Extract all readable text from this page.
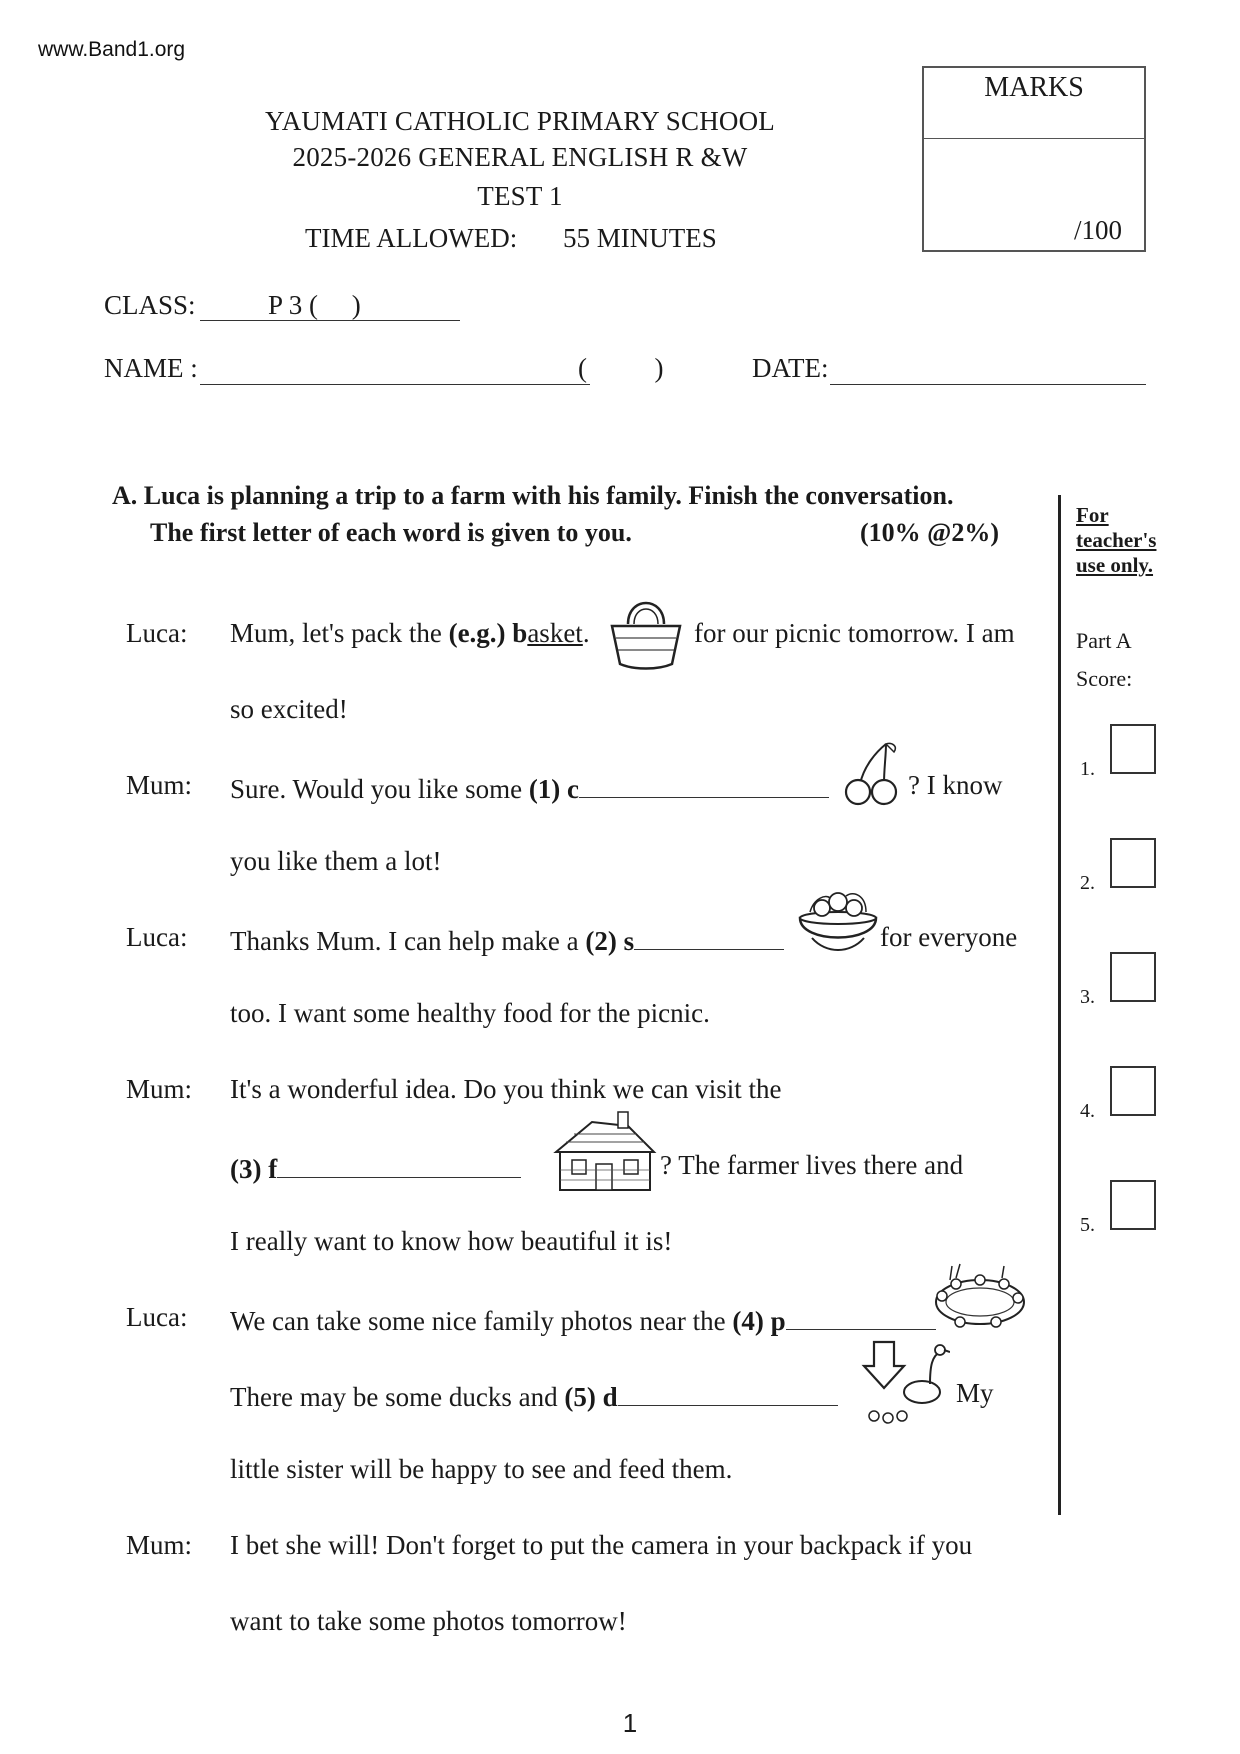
www.Band1.org
YAUMATI CATHOLIC PRIMARY SCHOOL
2025-2026 GENERAL ENGLISH R &W
TEST 1
TIME ALLOWED: 55 MINUTES
MARKS
/100
CLASS:	P 3 (     )
NAME :	(          )	DATE:
A. Luca is planning a trip to a farm with his family. Finish the conversation.
The first letter of each word is given to you.	(10% @2%)
For
teacher's
use only.
Part A
Score:
1.
2.
3.
4.
5.
Luca: Mum, let's pack the (e.g.) basket.	for our picnic tomorrow. I am
so excited!
Mum: Sure. Would you like some (1) c	? I know
you like them a lot!
Luca: Thanks Mum. I can help make a (2) s	for everyone
too. I want some healthy food for the picnic.
Mum: It's a wonderful idea. Do you think we can visit the
(3) f	? The farmer lives there and
I really want to know how beautiful it is!
Luca: We can take some nice family photos near the (4) p
There may be some ducks and (5) d	My
little sister will be happy to see and feed them.
Mum: I bet she will! Don't forget to put the camera in your backpack if you
want to take some photos tomorrow!
1
